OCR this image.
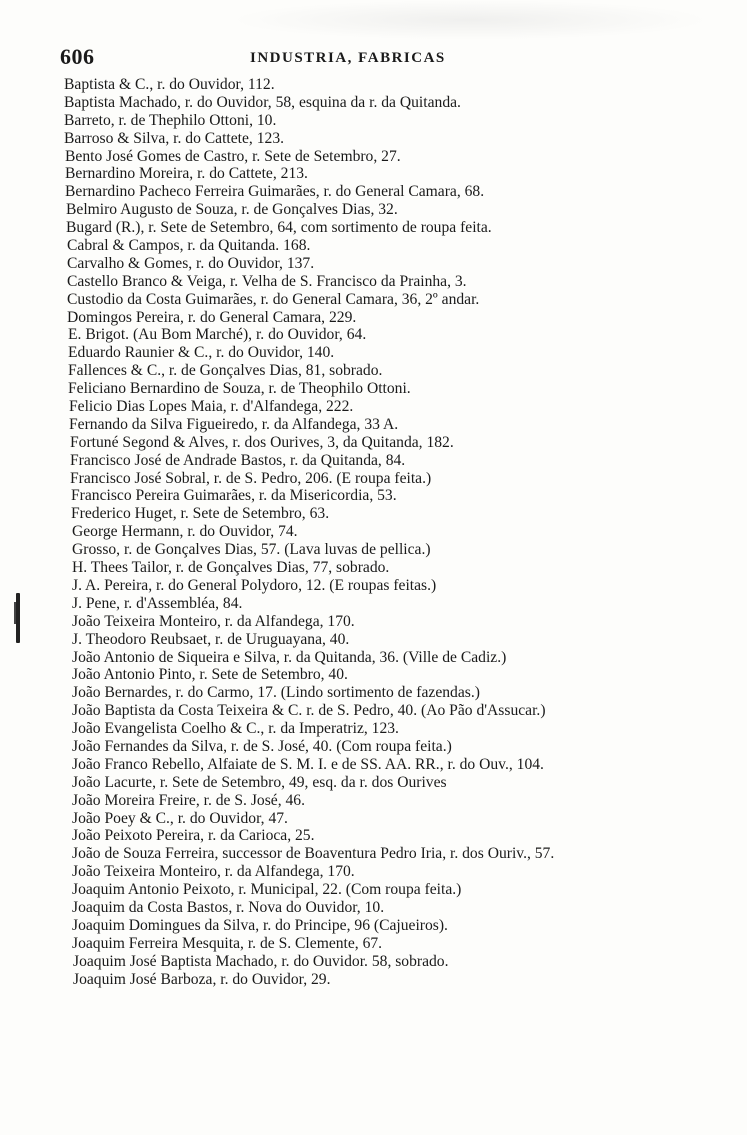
606	INDUSTRIA, FABRICAS
Baptista & C., r. do Ouvidor, 112.
Baptista Machado, r. do Ouvidor, 58, esquina da r. da Quitanda.
Barreto, r. de Thephilo Ottoni, 10.
Barroso & Silva, r. do Cattete, 123.
Bento José Gomes de Castro, r. Sete de Setembro, 27.
Bernardino Moreira, r. do Cattete, 213.
Bernardino Pacheco Ferreira Guimarães, r. do General Camara, 68.
Belmiro Augusto de Souza, r. de Gonçalves Dias, 32.
Bugard (R.), r. Sete de Setembro, 64, com sortimento de roupa feita.
Cabral & Campos, r. da Quitanda. 168.
Carvalho & Gomes, r. do Ouvidor, 137.
Castello Branco & Veiga, r. Velha de S. Francisco da Prainha, 3.
Custodio da Costa Guimarães, r. do General Camara, 36, 2º andar.
Domingos Pereira, r. do General Camara, 229.
E. Brigot. (Au Bom Marché), r. do Ouvidor, 64.
Eduardo Raunier & C., r. do Ouvidor, 140.
Fallences & C., r. de Gonçalves Dias, 81, sobrado.
Feliciano Bernardino de Souza, r. de Theophilo Ottoni.
Felicio Dias Lopes Maia, r. d'Alfandega, 222.
Fernando da Silva Figueiredo, r. da Alfandega, 33 A.
Fortuné Segond & Alves, r. dos Ourives, 3, da Quitanda, 182.
Francisco José de Andrade Bastos, r. da Quitanda, 84.
Francisco José Sobral, r. de S. Pedro, 206. (E roupa feita.)
Francisco Pereira Guimarães, r. da Misericordia, 53.
Frederico Huget, r. Sete de Setembro, 63.
George Hermann, r. do Ouvidor, 74.
Grosso, r. de Gonçalves Dias, 57. (Lava luvas de pellica.)
H. Thees Tailor, r. de Gonçalves Dias, 77, sobrado.
J. A. Pereira, r. do General Polydoro, 12. (E roupas feitas.)
J. Pene, r. d'Assembléa, 84.
João Teixeira Monteiro, r. da Alfandega, 170.
J. Theodoro Reubsaet, r. de Uruguayana, 40.
João Antonio de Siqueira e Silva, r. da Quitanda, 36. (Ville de Cadiz.)
João Antonio Pinto, r. Sete de Setembro, 40.
João Bernardes, r. do Carmo, 17. (Lindo sortimento de fazendas.)
João Baptista da Costa Teixeira & C. r. de S. Pedro, 40. (Ao Pão d'Assucar.)
João Evangelista Coelho & C., r. da Imperatriz, 123.
João Fernandes da Silva, r. de S. José, 40. (Com roupa feita.)
João Franco Rebello, Alfaiate de S. M. I. e de SS. AA. RR., r. do Ouv., 104.
João Lacurte, r. Sete de Setembro, 49, esq. da r. dos Ourives
João Moreira Freire, r. de S. José, 46.
João Poey & C., r. do Ouvidor, 47.
João Peixoto Pereira, r. da Carioca, 25.
João de Souza Ferreira, successor de Boaventura Pedro Iria, r. dos Ouriv., 57.
João Teixeira Monteiro, r. da Alfandega, 170.
Joaquim Antonio Peixoto, r. Municipal, 22. (Com roupa feita.)
Joaquim da Costa Bastos, r. Nova do Ouvidor, 10.
Joaquim Domingues da Silva, r. do Principe, 96 (Cajueiros).
Joaquim Ferreira Mesquita, r. de S. Clemente, 67.
Joaquim José Baptista Machado, r. do Ouvidor. 58, sobrado.
Joaquim José Barboza, r. do Ouvidor, 29.
